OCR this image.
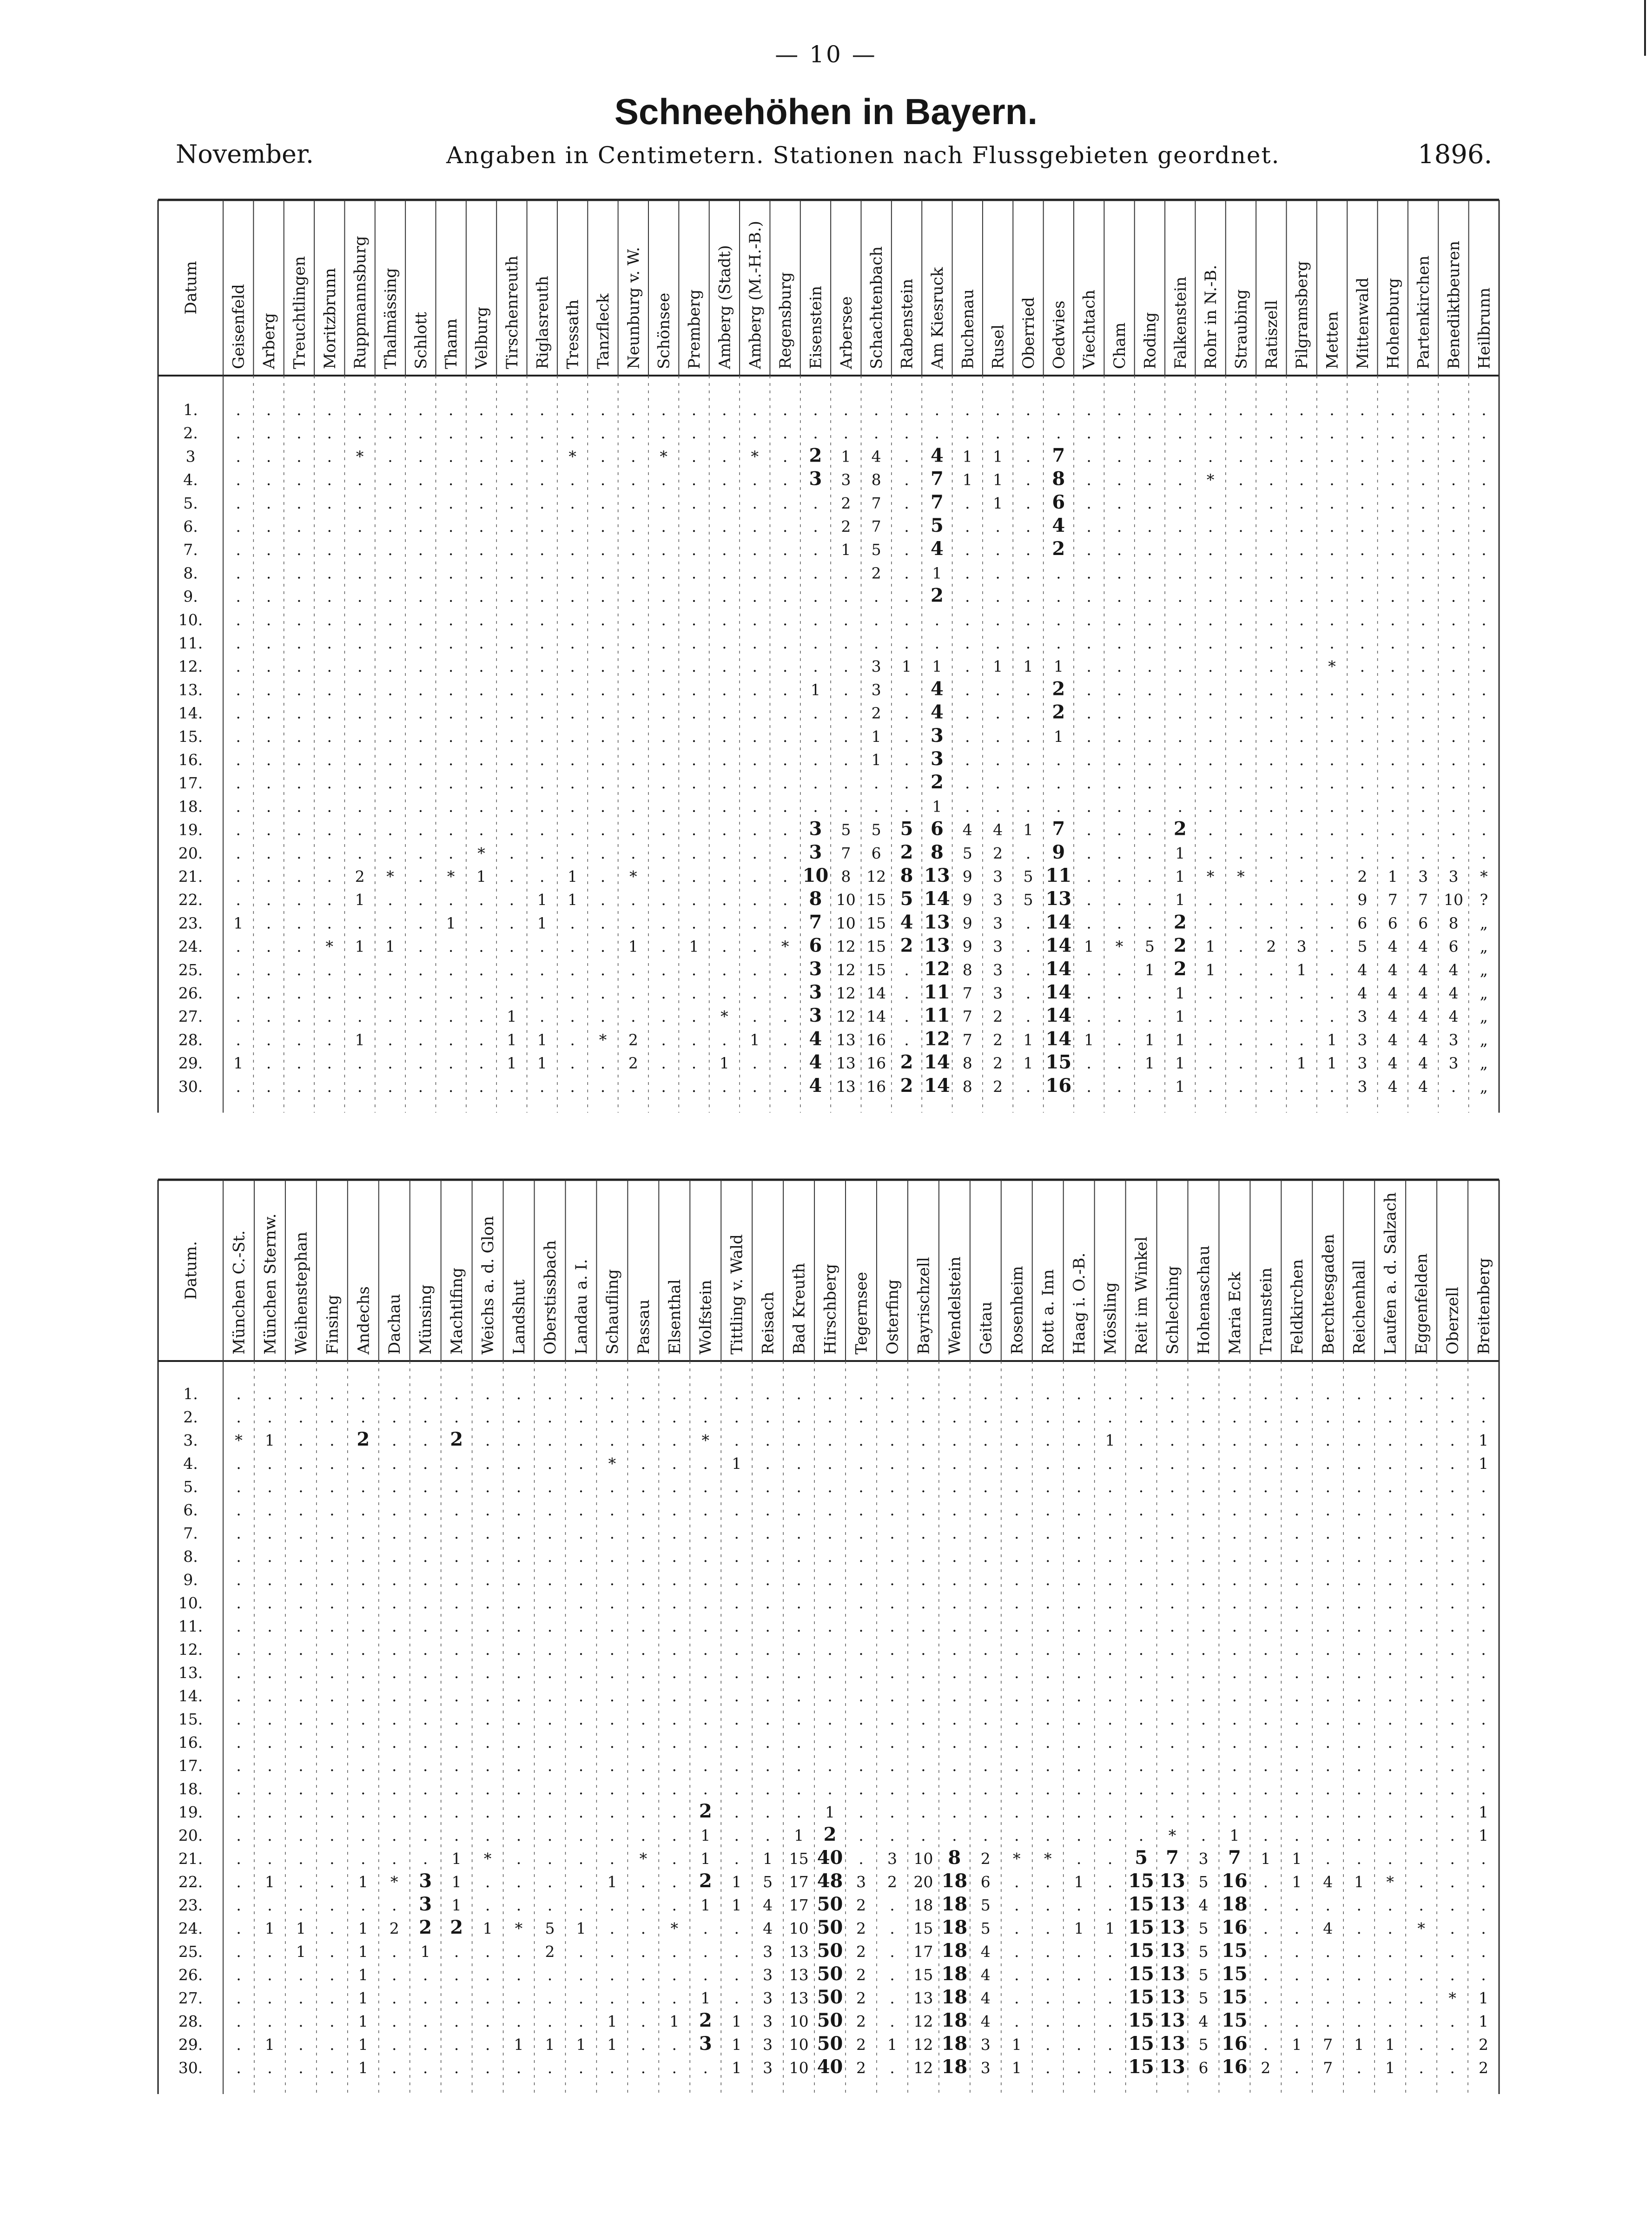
— 10 —
Schneehöhen in Bayern.
November.	Angaben in Centimetern. Stationen nach Flussgebieten geordnet.	1896.
Datum Geisenfeld Arberg Treuchtlingen Moritzbrunn Ruppmannsburg Thalmässing Schlott Thann Velburg Tirschenreuth Riglasreuth Tressath Tanzfleck Neunburg v. W. Schönsee Premberg Amberg (Stadt) Amberg (M.-H.-B.) Regensburg Eisenstein Arbersee Schachtenbach Rabenstein Am Kiesruck Buchenau Rusel Oberried Oedwies Viechtach Cham Roding Falkenstein Rohr in N.-B. Straubing Ratiszell Pilgramsberg Metten Mittenwald Hohenburg Partenkirchen Benediktbeuren Heilbrunn
1.
2.
3
4.
5.
6.
7.
8.
9.
10.
11.
12.
13.
14.
15.
16.
17.
18.
19.
20.
21.
22.
23.
24.
25.
26.
27.
28.
29.
30.
. . . . . . . . . . . . . . . . . . . . . . . . . . . . . . . . . . . . . . . . . .
. . . . . . . . . . . . . . . . . . . . . . . . . . . . . . . . . . . . . . . . . .
. . . . * . . . . . . * . . * . . * . 2 1 4 . 4 1 1 . 7 . . . . . . . . . . . . . .
. . . . . . . . . . . . . . . . . . . 3 3 8 . 7 1 1 . 8 . . . . * . . . . . . . . .
. . . . . . . . . . . . . . . . . . . . 2 7 . 7 . 1 . 6 . . . . . . . . . . . . . .
. . . . . . . . . . . . . . . . . . . . 2 7 . 5 . . . 4 . . . . . . . . . . . . . .
. . . . . . . . . . . . . . . . . . . . 1 5 . 4 . . . 2 . . . . . . . . . . . . . .
. . . . . . . . . . . . . . . . . . . . . 2 . 1 . . . . . . . . . . . . . . . . . .
. . . . . . . . . . . . . . . . . . . . . . . 2 . . . . . . . . . . . . . . . . . .
. . . . . . . . . . . . . . . . . . . . . . . . . . . . . . . . . . . . . . . . . .
. . . . . . . . . . . . . . . . . . . . . . . . . . . . . . . . . . . . . . . . . .
. . . . . . . . . . . . . . . . . . . . . 3 1 1 . 1 1 1 . . . . . . . . * . . . . .
. . . . . . . . . . . . . . . . . . . 1 . 3 . 4 . . . 2 . . . . . . . . . . . . . .
. . . . . . . . . . . . . . . . . . . . . 2 . 4 . . . 2 . . . . . . . . . . . . . .
. . . . . . . . . . . . . . . . . . . . . 1 . 3 . . . 1 . . . . . . . . . . . . . .
. . . . . . . . . . . . . . . . . . . . . 1 . 3 . . . . . . . . . . . . . . . . . .
. . . . . . . . . . . . . . . . . . . . . . . 2 . . . . . . . . . . . . . . . . . .
. . . . . . . . . . . . . . . . . . . . . . . 1 . . . . . . . . . . . . . . . . . .
. . . . . . . . . . . . . . . . . . . 3 5 5 5 6 4 4 1 7 . . . 2 . . . . . . . . . .
. . . . . . . . * . . . . . . . . . . 3 7 6 2 8 5 2 . 9 . . . 1 . . . . . . . . . .
. . . . 2 * . * 1 . . 1 . * . . . . . 10 8 12 8 13 9 3 5 11 . . . 1 * * . . . 2 1 3 3 *
. . . . 1 . . . . . 1 1 . . . . . . . 8 10 15 5 14 9 3 5 13 . . . 1 . . . . . 9 7 7 10 ?
1 . . . . . . 1 . . 1 . . . . . . . . 7 10 15 4 13 9 3 . 14 . . . 2 . . . . . 6 6 6 8 „
. . . * 1 1 . . . . . . . 1 . 1 . . * 6 12 15 2 13 9 3 . 14 1 * 5 2 1 . 2 3 . 5 4 4 6 „
. . . . . . . . . . . . . . . . . . . 3 12 15 . 12 8 3 . 14 . . 1 2 1 . . 1 . 4 4 4 4 „
. . . . . . . . . . . . . . . . . . . 3 12 14 . 11 7 3 . 14 . . . 1 . . . . . 4 4 4 4 „
. . . . . . . . . 1 . . . . . . * . . 3 12 14 . 11 7 2 . 14 . . . 1 . . . . . 3 4 4 4 „
. . . . 1 . . . . 1 1 . * 2 . . . 1 . 4 13 16 . 12 7 2 1 14 1 . 1 1 . . . . 1 3 4 4 3 „
1 . . . . . . . . 1 1 . . 2 . . 1 . . 4 13 16 2 14 8 2 1 15 . . 1 1 . . . 1 1 3 4 4 3 „
. . . . . . . . . . . . . . . . . . . 4 13 16 2 14 8 2 . 16 . . . 1 . . . . . 3 4 4 . „
Datum. München C.-St. München Sternw. Weihenstephan Finsing Andechs Dachau Münsing Machtlfing Weichs a. d. Glon Landshut Oberstissbach Landau a. I. Schaufling Passau Elsenthal Wolfstein Tittling v. Wald Reisach Bad Kreuth Hirschberg Tegernsee Osterfing Bayrischzell Wendelstein Geitau Rosenheim Rott a. Inn Haag i. O.-B. Mössling Reit im Winkel Schleching Hohenaschau Maria Eck Traunstein Feldkirchen Berchtesgaden Reichenhall Laufen a. d. Salzach Eggenfelden Oberzell Breitenberg
1.
2.
3.
4.
5.
6.
7.
8.
9.
10.
11.
12.
13.
14.
15.
16.
17.
18.
19.
20.
21.
22.
23.
24.
25.
26.
27.
28.
29.
30.
. . . . . . . . . . . . . . . . . . . . . . . . . . . . . . . . . . . . . . . . .
. . . . . . . . . . . . . . . . . . . . . . . . . . . . . . . . . . . . . . . . .
* 1 . . 2 . . 2 . . . . . . . * . . . . . . . . . . . . 1 . . . . . . . . . . . 1
. . . . . . . . . . . . * . . . 1 . . . . . . . . . . . . . . . . . . . . . . . 1
. . . . . . . . . . . . . . . . . . . . . . . . . . . . . . . . . . . . . . . . .
. . . . . . . . . . . . . . . . . . . . . . . . . . . . . . . . . . . . . . . . .
. . . . . . . . . . . . . . . . . . . . . . . . . . . . . . . . . . . . . . . . .
. . . . . . . . . . . . . . . . . . . . . . . . . . . . . . . . . . . . . . . . .
. . . . . . . . . . . . . . . . . . . . . . . . . . . . . . . . . . . . . . . . .
. . . . . . . . . . . . . . . . . . . . . . . . . . . . . . . . . . . . . . . . .
. . . . . . . . . . . . . . . . . . . . . . . . . . . . . . . . . . . . . . . . .
. . . . . . . . . . . . . . . . . . . . . . . . . . . . . . . . . . . . . . . . .
. . . . . . . . . . . . . . . . . . . . . . . . . . . . . . . . . . . . . . . . .
. . . . . . . . . . . . . . . . . . . . . . . . . . . . . . . . . . . . . . . . .
. . . . . . . . . . . . . . . . . . . . . . . . . . . . . . . . . . . . . . . . .
. . . . . . . . . . . . . . . . . . . . . . . . . . . . . . . . . . . . . . . . .
. . . . . . . . . . . . . . . . . . . . . . . . . . . . . . . . . . . . . . . . .
. . . . . . . . . . . . . . . . . . . . . . . . . . . . . . . . . . . . . . . . .
. . . . . . . . . . . . . . . 2 . . . 1 . . . . . . . . . . . . . . . . . . . . 1
. . . . . . . . . . . . . . . 1 . . 1 2 . . . . . . . . . . * . 1 . . . . . . . 1
. . . . . . . 1 * . . . . * . 1 . 1 15 40 . 3 10 8 2 * * . . 5 7 3 7 1 1 . . . . . .
. 1 . . 1 * 3 1 . . . . 1 . . 2 1 5 17 48 3 2 20 18 6 . . 1 . 15 13 5 16 . 1 4 1 * . . .
. . . . . . 3 1 . . . . . . . 1 1 4 17 50 2 . 18 18 5 . . . . 15 13 4 18 . . . . . . . .
. 1 1 . 1 2 2 2 1 * 5 1 . . * . . 4 10 50 2 . 15 18 5 . . 1 1 15 13 5 16 . . 4 . . * . .
. . 1 . 1 . 1 . . . 2 . . . . . . 3 13 50 2 . 17 18 4 . . . . 15 13 5 15 . . . . . . . .
. . . . 1 . . . . . . . . . . . . 3 13 50 2 . 15 18 4 . . . . 15 13 5 15 . . . . . . . .
. . . . 1 . . . . . . . . . . 1 . 3 13 50 2 . 13 18 4 . . . . 15 13 5 15 . . . . . . * 1
. . . . 1 . . . . . . . 1 . 1 2 1 3 10 50 2 . 12 18 4 . . . . 15 13 4 15 . . . . . . . 1
. 1 . . 1 . . . . 1 1 1 1 . . 3 1 3 10 50 2 1 12 18 3 1 . . . 15 13 5 16 . 1 7 1 1 . . 2
. . . . 1 . . . . . . . . . . . 1 3 10 40 2 . 12 18 3 1 . . . 15 13 6 16 2 . 7 . 1 . . 2
